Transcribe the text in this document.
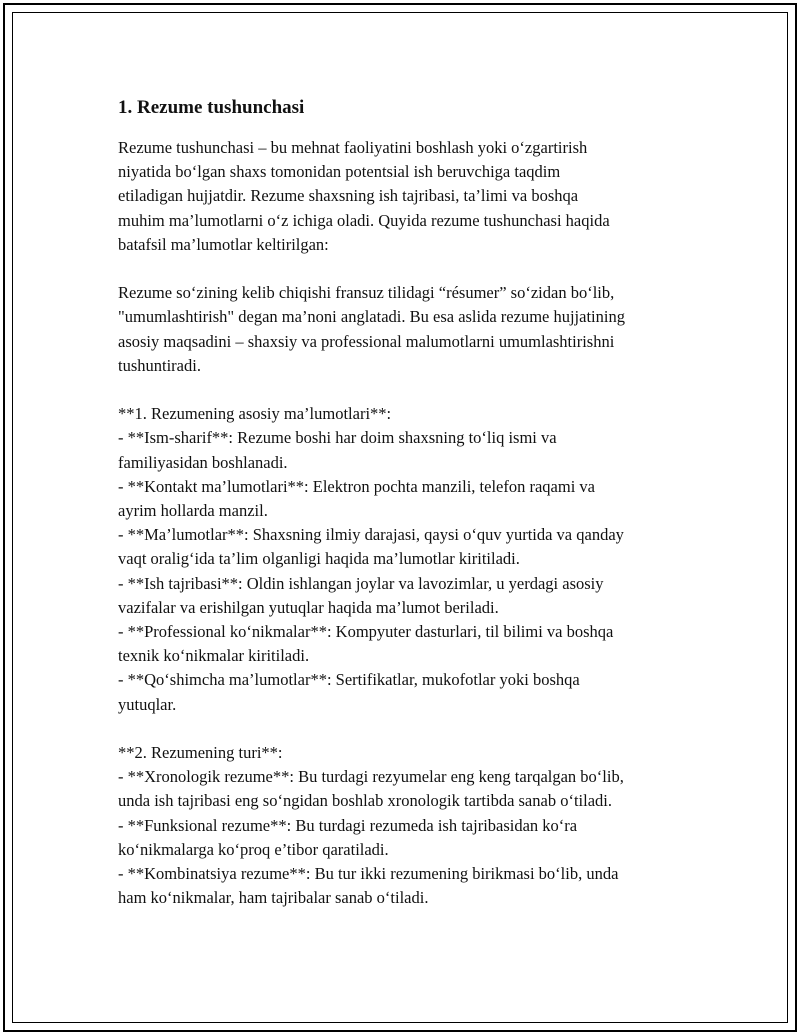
1. Rezume tushunchasi
Rezume tushunchasi – bu mehnat faoliyatini boshlash yoki o‘zgartirish
niyatida bo‘lgan shaxs tomonidan potentsial ish beruvchiga taqdim
etiladigan hujjatdir. Rezume shaxsning ish tajribasi, ta’limi va boshqa
muhim ma’lumotlarni o‘z ichiga oladi. Quyida rezume tushunchasi haqida
batafsil ma’lumotlar keltirilgan:
Rezume so‘zining kelib chiqishi fransuz tilidagi “résumer” so‘zidan bo‘lib,
"umumlashtirish" degan ma’noni anglatadi. Bu esa aslida rezume hujjatining
asosiy maqsadini – shaxsiy va professional malumotlarni umumlashtirishni
tushuntiradi.
**1. Rezumening asosiy ma’lumotlari**:
- **Ism-sharif**: Rezume boshi har doim shaxsning to‘liq ismi va
familiyasidan boshlanadi.
- **Kontakt ma’lumotlari**: Elektron pochta manzili, telefon raqami va
ayrim hollarda manzil.
- **Ma’lumotlar**: Shaxsning ilmiy darajasi, qaysi o‘quv yurtida va qanday
vaqt oralig‘ida ta’lim olganligi haqida ma’lumotlar kiritiladi.
- **Ish tajribasi**: Oldin ishlangan joylar va lavozimlar, u yerdagi asosiy
vazifalar va erishilgan yutuqlar haqida ma’lumot beriladi.
- **Professional ko‘nikmalar**: Kompyuter dasturlari, til bilimi va boshqa
texnik ko‘nikmalar kiritiladi.
- **Qo‘shimcha ma’lumotlar**: Sertifikatlar, mukofotlar yoki boshqa
yutuqlar.
**2. Rezumening turi**:
- **Xronologik rezume**: Bu turdagi rezyumelar eng keng tarqalgan bo‘lib,
unda ish tajribasi eng so‘ngidan boshlab xronologik tartibda sanab o‘tiladi.
- **Funksional rezume**: Bu turdagi rezumeda ish tajribasidan ko‘ra
ko‘nikmalarga ko‘proq e’tibor qaratiladi.
- **Kombinatsiya rezume**: Bu tur ikki rezumening birikmasi bo‘lib, unda
ham ko‘nikmalar, ham tajribalar sanab o‘tiladi.
